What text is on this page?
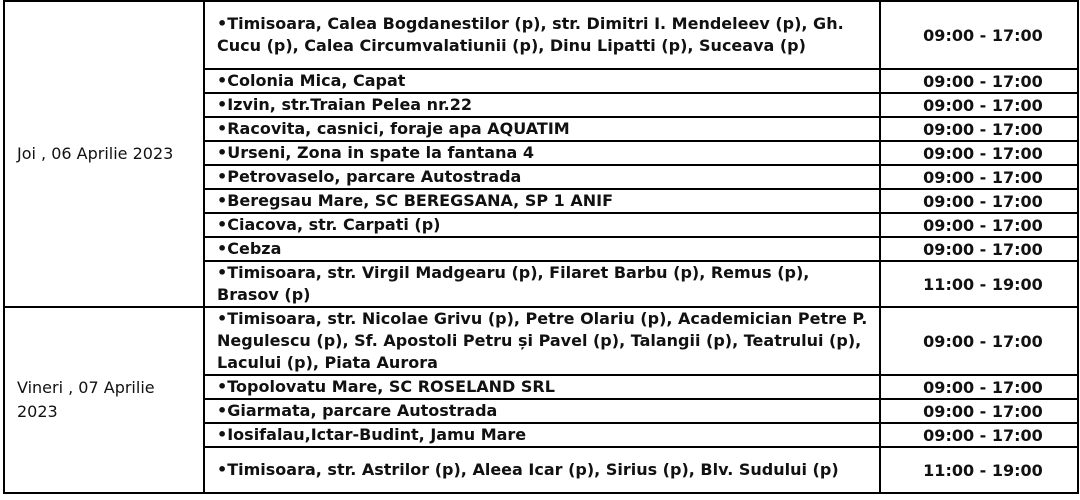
Joi , 06 Aprilie 2023	•Timisoara, Calea Bogdanestilor (p), str. Dimitri I. Mendeleev (p), Gh. Cucu (p), Calea Circumvalatiunii (p), Dinu Lipatti (p), Suceava (p)	09:00 - 17:00
	•Colonia Mica, Capat	09:00 - 17:00
	•Izvin, str.Traian Pelea nr.22	09:00 - 17:00
	•Racovita, casnici, foraje apa AQUATIM	09:00 - 17:00
	•Urseni, Zona in spate la fantana 4	09:00 - 17:00
	•Petrovaselo, parcare Autostrada	09:00 - 17:00
	•Beregsau Mare, SC BEREGSANA, SP 1 ANIF	09:00 - 17:00
	•Ciacova, str. Carpati (p)	09:00 - 17:00
	•Cebza	09:00 - 17:00
	•Timisoara, str. Virgil Madgearu (p), Filaret Barbu (p), Remus (p), Brasov (p)	11:00 - 19:00
Vineri , 07 Aprilie 2023	•Timisoara, str. Nicolae Grivu (p), Petre Olariu (p), Academician Petre P. Negulescu (p), Sf. Apostoli Petru și Pavel (p), Talangii (p), Teatrului (p), Lacului (p), Piata Aurora	09:00 - 17:00
	•Topolovatu Mare, SC ROSELAND SRL	09:00 - 17:00
	•Giarmata, parcare Autostrada	09:00 - 17:00
	•Iosifalau,Ictar-Budint, Jamu Mare	09:00 - 17:00
	•Timisoara, str. Astrilor (p), Aleea Icar (p), Sirius (p), Blv. Sudului (p)	11:00 - 19:00
